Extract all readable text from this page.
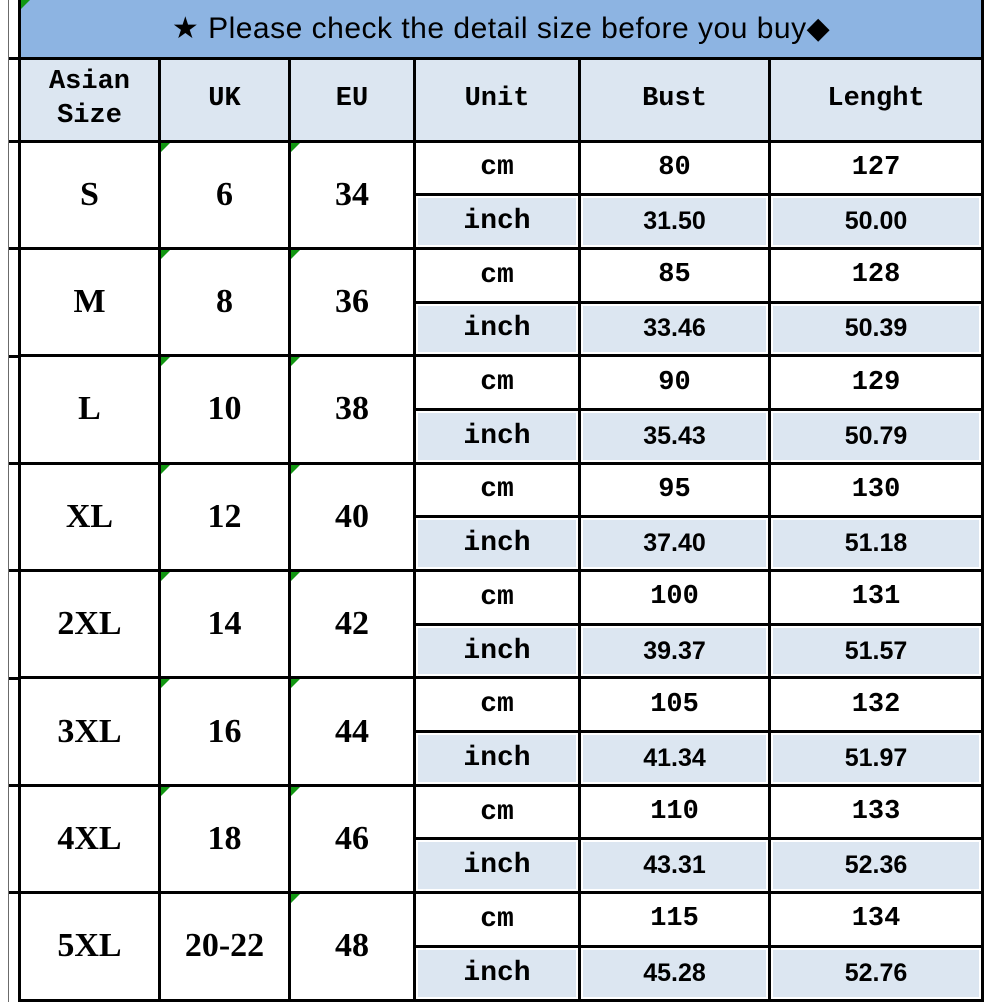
★ Please check the detail size before you buy◆					
Asian Size	UK	EU	Unit	Bust	Lenght
S	6	34	cm	80	127
			inch	31.50	50.00
M	8	36	cm	85	128
			inch	33.46	50.39
L	10	38	cm	90	129
			inch	35.43	50.79
XL	12	40	cm	95	130
			inch	37.40	51.18
2XL	14	42	cm	100	131
			inch	39.37	51.57
3XL	16	44	cm	105	132
			inch	41.34	51.97
4XL	18	46	cm	110	133
			inch	43.31	52.36
5XL	20-22	48	cm	115	134
			inch	45.28	52.76
